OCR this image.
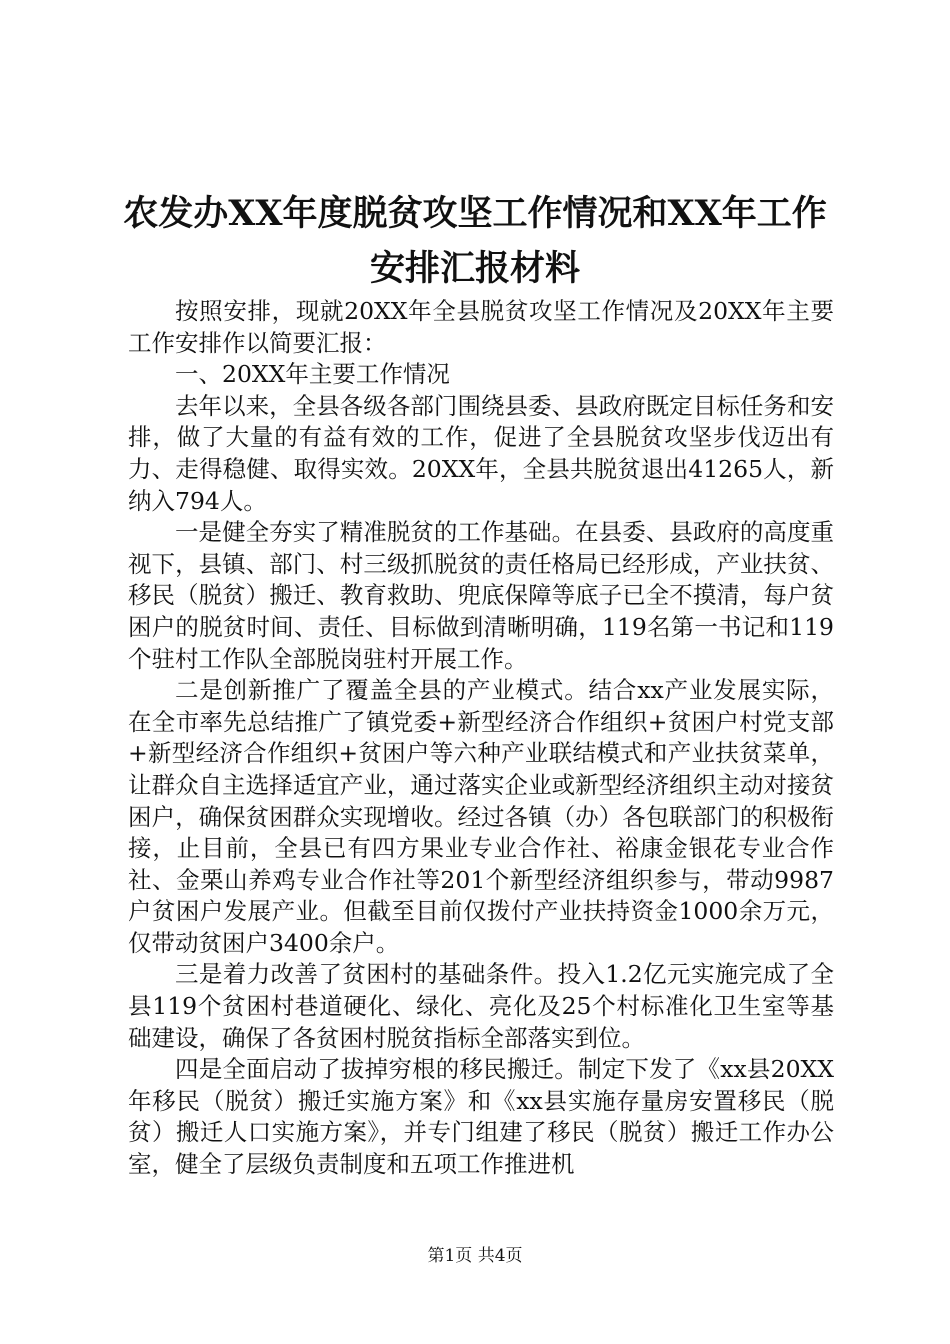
农发办XX年度脱贫攻坚工作情况和XX年工作安排汇报材料

按照安排，现就20XX年全县脱贫攻坚工作情况及20XX年主要工作安排作以简要汇报：

一、20XX年主要工作情况

去年以来，全县各级各部门围绕县委、县政府既定目标任务和安排，做了大量的有益有效的工作，促进了全县脱贫攻坚步伐迈出有力、走得稳健、取得实效。20XX年，全县共脱贫退出41265人，新纳入794人。

一是健全夯实了精准脱贫的工作基础。在县委、县政府的高度重视下，县镇、部门、村三级抓脱贫的责任格局已经形成，产业扶贫、移民（脱贫）搬迁、教育救助、兜底保障等底子已全不摸清，每户贫困户的脱贫时间、责任、目标做到清晰明确，119名第一书记和119个驻村工作队全部脱岗驻村开展工作。

二是创新推广了覆盖全县的产业模式。结合xx产业发展实际，在全市率先总结推广了镇党委+新型经济合作组织+贫困户村党支部+新型经济合作组织+贫困户等六种产业联结模式和产业扶贫菜单，让群众自主选择适宜产业，通过落实企业或新型经济组织主动对接贫困户，确保贫困群众实现增收。经过各镇（办）各包联部门的积极衔接，止目前，全县已有四方果业专业合作社、裕康金银花专业合作社、金栗山养鸡专业合作社等201个新型经济组织参与，带动9987户贫困户发展产业。但截至目前仅拨付产业扶持资金1000余万元，仅带动贫困户3400余户。

三是着力改善了贫困村的基础条件。投入1.2亿元实施完成了全县119个贫困村巷道硬化、绿化、亮化及25个村标准化卫生室等基础建设，确保了各贫困村脱贫指标全部落实到位。

四是全面启动了拔掉穷根的移民搬迁。制定下发了《xx县20XX年移民（脱贫）搬迁实施方案》和《xx县实施存量房安置移民（脱贫）搬迁人口实施方案》，并专门组建了移民（脱贫）搬迁工作办公室，健全了层级负责制度和五项工作推进机

第1页 共4页
